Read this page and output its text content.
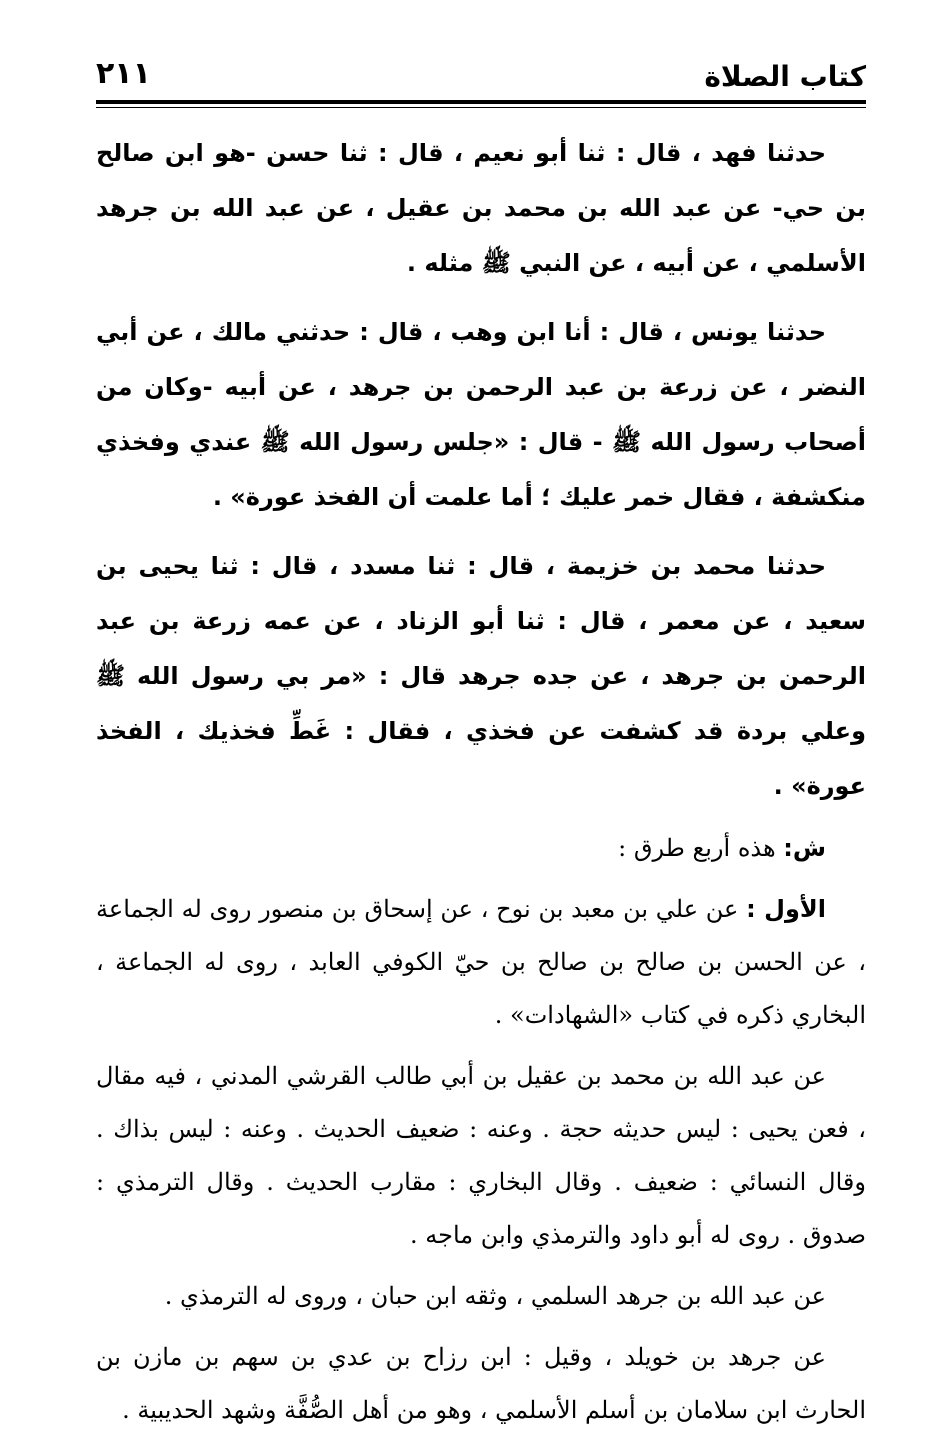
٢١١	كتاب الصلاة

حدثنا فهد ، قال : ثنا أبو نعيم ، قال : ثنا حسن -هو ابن صالح بن حي- عن عبد الله بن محمد بن عقيل ، عن عبد الله بن جرهد الأسلمي ، عن أبيه ، عن النبي ﷺ مثله .

حدثنا يونس ، قال : أنا ابن وهب ، قال : حدثني مالك ، عن أبي النضر ، عن زرعة بن عبد الرحمن بن جرهد ، عن أبيه -وكان من أصحاب رسول الله ﷺ - قال : «جلس رسول الله ﷺ عندي وفخذي منكشفة ، فقال خمر عليك ؛ أما علمت أن الفخذ عورة» .

حدثنا محمد بن خزيمة ، قال : ثنا مسدد ، قال : ثنا يحيى بن سعيد ، عن معمر ، قال : ثنا أبو الزناد ، عن عمه زرعة بن عبد الرحمن بن جرهد ، عن جده جرهد قال : «مر بي رسول الله ﷺ وعلي بردة قد كشفت عن فخذي ، فقال : غَطِّ فخذيك ، الفخذ عورة» .

ش: هذه أربع طرق :

الأول : عن علي بن معبد بن نوح ، عن إسحاق بن منصور روى له الجماعة ، عن الحسن بن صالح بن صالح بن حيّ الكوفي العابد ، روى له الجماعة ، البخاري ذكره في كتاب «الشهادات» .

عن عبد الله بن محمد بن عقيل بن أبي طالب القرشي المدني ، فيه مقال ، فعن يحيى : ليس حديثه حجة . وعنه : ضعيف الحديث . وعنه : ليس بذاك . وقال النسائي : ضعيف . وقال البخاري : مقارب الحديث . وقال الترمذي : صدوق . روى له أبو داود والترمذي وابن ماجه .

عن عبد الله بن جرهد السلمي ، وثقه ابن حبان ، وروى له الترمذي .

عن جرهد بن خويلد ، وقيل : ابن رزاح بن عدي بن سهم بن مازن بن الحارث ابن سلامان بن أسلم الأسلمي ، وهو من أهل الصُّفَّة وشهد الحديبية .
